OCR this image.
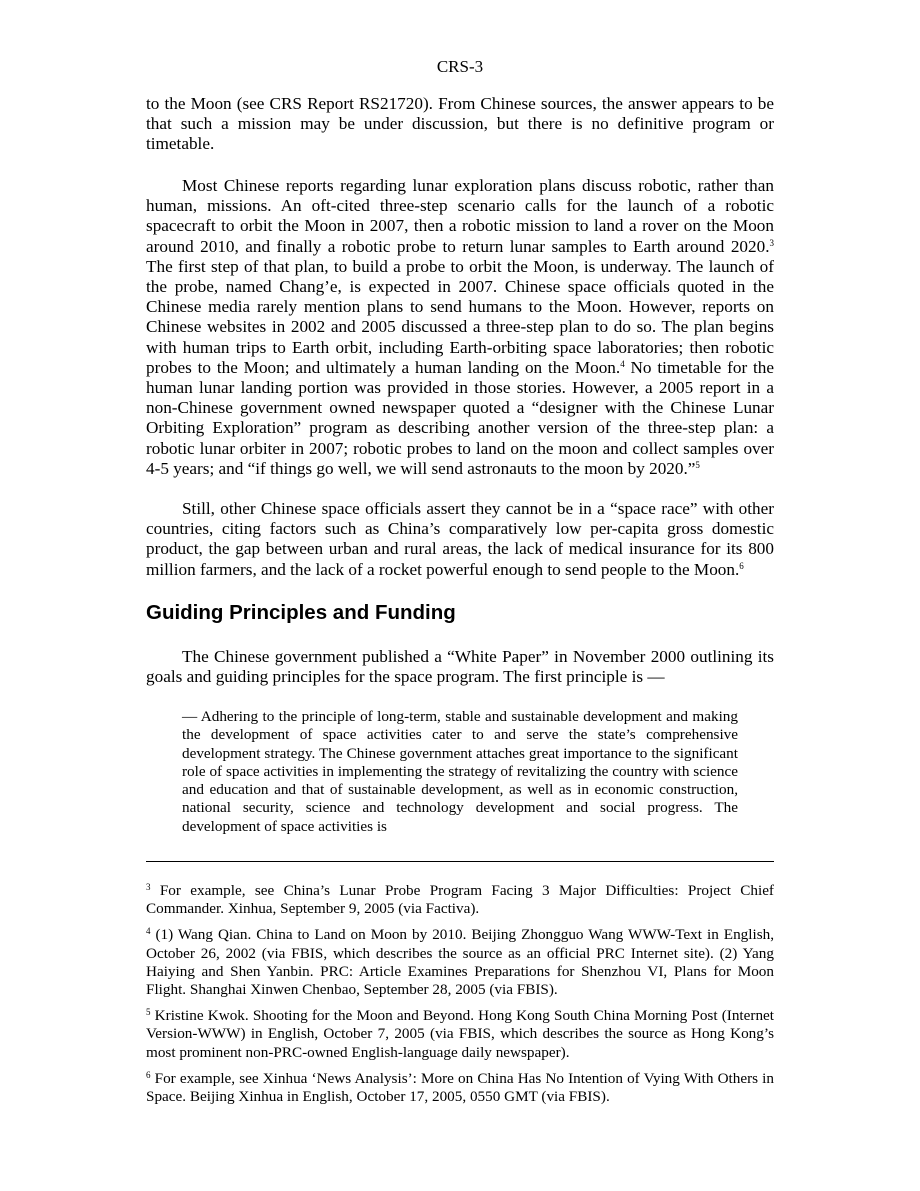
CRS-3

to the Moon (see CRS Report RS21720). From Chinese sources, the answer appears to be that such a mission may be under discussion, but there is no definitive program or timetable.

Most Chinese reports regarding lunar exploration plans discuss robotic, rather than human, missions. An oft-cited three-step scenario calls for the launch of a robotic spacecraft to orbit the Moon in 2007, then a robotic mission to land a rover on the Moon around 2010, and finally a robotic probe to return lunar samples to Earth around 2020.$^3$ The first step of that plan, to build a probe to orbit the Moon, is underway. The launch of the probe, named Chang’e, is expected in 2007. Chinese space officials quoted in the Chinese media rarely mention plans to send humans to the Moon. However, reports on Chinese websites in 2002 and 2005 discussed a three-step plan to do so. The plan begins with human trips to Earth orbit, including Earth-orbiting space laboratories; then robotic probes to the Moon; and ultimately a human landing on the Moon.$^4$ No timetable for the human lunar landing portion was provided in those stories. However, a 2005 report in a non-Chinese government owned newspaper quoted a “designer with the Chinese Lunar Orbiting Exploration” program as describing another version of the three-step plan: a robotic lunar orbiter in 2007; robotic probes to land on the moon and collect samples over 4-5 years; and “if things go well, we will send astronauts to the moon by 2020.”$^5$

Still, other Chinese space officials assert they cannot be in a “space race” with other countries, citing factors such as China’s comparatively low per-capita gross domestic product, the gap between urban and rural areas, the lack of medical insurance for its 800 million farmers, and the lack of a rocket powerful enough to send people to the Moon.$^6$

Guiding Principles and Funding

The Chinese government published a “White Paper” in November 2000 outlining its goals and guiding principles for the space program. The first principle is —

— Adhering to the principle of long-term, stable and sustainable development and making the development of space activities cater to and serve the state’s comprehensive development strategy. The Chinese government attaches great importance to the significant role of space activities in implementing the strategy of revitalizing the country with science and education and that of sustainable development, as well as in economic construction, national security, science and technology development and social progress. The development of space activities is

$^3$ For example, see China’s Lunar Probe Program Facing 3 Major Difficulties: Project Chief Commander. Xinhua, September 9, 2005 (via Factiva).

$^4$ (1) Wang Qian. China to Land on Moon by 2010. Beijing Zhongguo Wang WWW-Text in English, October 26, 2002 (via FBIS, which describes the source as an official PRC Internet site). (2) Yang Haiying and Shen Yanbin. PRC: Article Examines Preparations for Shenzhou VI, Plans for Moon Flight. Shanghai Xinwen Chenbao, September 28, 2005 (via FBIS).

$^5$ Kristine Kwok. Shooting for the Moon and Beyond. Hong Kong South China Morning Post (Internet Version-WWW) in English, October 7, 2005 (via FBIS, which describes the source as Hong Kong’s most prominent non-PRC-owned English-language daily newspaper).

$^6$ For example, see Xinhua ‘News Analysis’: More on China Has No Intention of Vying With Others in Space. Beijing Xinhua in English, October 17, 2005, 0550 GMT (via FBIS).
